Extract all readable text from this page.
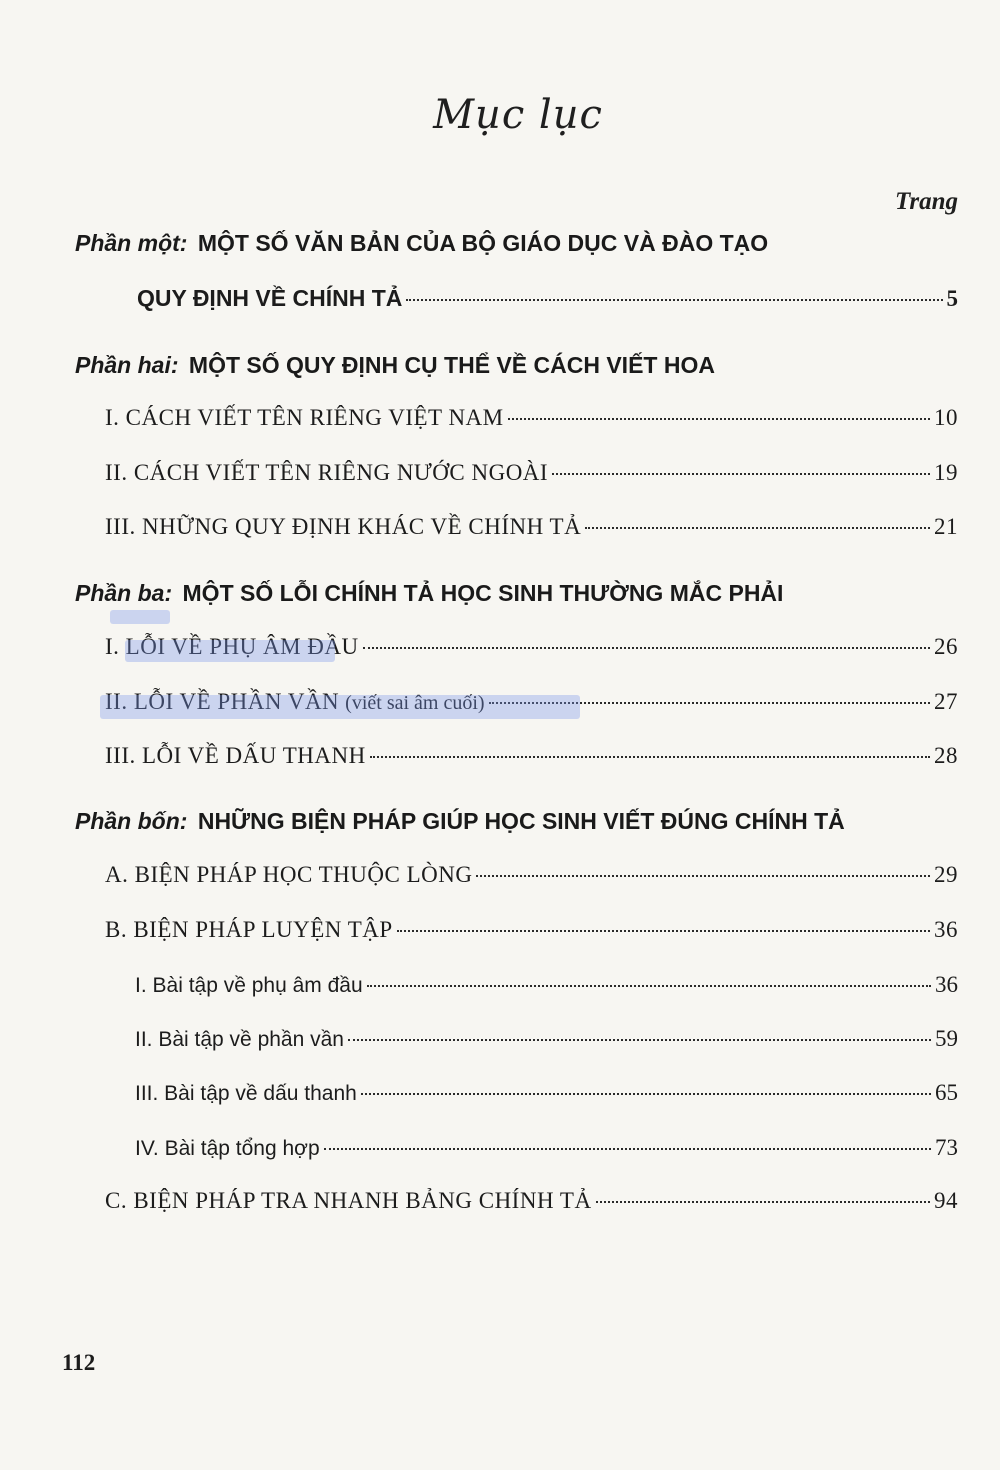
Mục lục
Trang
Phần một: MỘT SỐ VĂN BẢN CỦA BỘ GIÁO DỤC VÀ ĐÀO TẠO
QUY ĐỊNH VỀ CHÍNH TẢ	5
Phần hai: MỘT SỐ QUY ĐỊNH CỤ THỂ VỀ CÁCH VIẾT HOA
I. CÁCH VIẾT TÊN RIÊNG VIỆT NAM	10
II. CÁCH VIẾT TÊN RIÊNG NƯỚC NGOÀI	19
III. NHỮNG QUY ĐỊNH KHÁC VỀ CHÍNH TẢ	21
Phần ba: MỘT SỐ LỖI CHÍNH TẢ HỌC SINH THƯỜNG MẮC PHẢI
I. LỖI VỀ PHỤ ÂM ĐẦU	26
II. LỖI VỀ PHẦN VẦN (viết sai âm cuối)	27
III. LỖI VỀ DẤU THANH	28
Phần bốn: NHỮNG BIỆN PHÁP GIÚP HỌC SINH VIẾT ĐÚNG CHÍNH TẢ
A. BIỆN PHÁP HỌC THUỘC LÒNG	29
B. BIỆN PHÁP LUYỆN TẬP	36
I. Bài tập về phụ âm đầu	36
II. Bài tập về phần vần	59
III. Bài tập về dấu thanh	65
IV. Bài tập tổng hợp	73
C. BIỆN PHÁP TRA NHANH BẢNG CHÍNH TẢ	94
112
